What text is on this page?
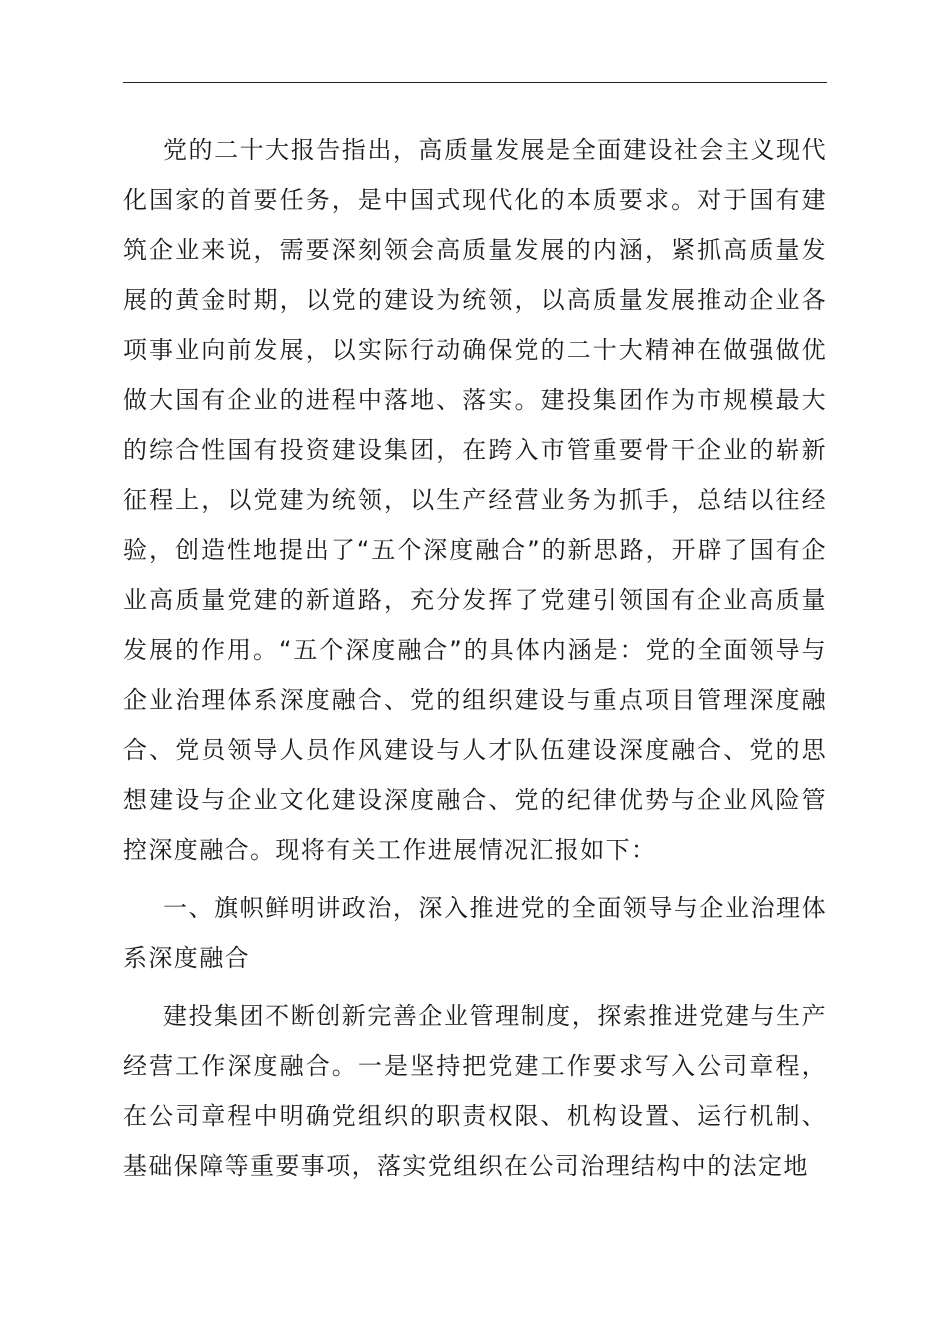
党的二十大报告指出，高质量发展是全面建设社会主义现代化国家的首要任务，是中国式现代化的本质要求。对于国有建筑企业来说，需要深刻领会高质量发展的内涵，紧抓高质量发展的黄金时期，以党的建设为统领，以高质量发展推动企业各项事业向前发展，以实际行动确保党的二十大精神在做强做优做大国有企业的进程中落地、落实。建投集团作为市规模最大的综合性国有投资建设集团，在跨入市管重要骨干企业的崭新征程上，以党建为统领，以生产经营业务为抓手，总结以往经验，创造性地提出了“五个深度融合”的新思路，开辟了国有企业高质量党建的新道路，充分发挥了党建引领国有企业高质量发展的作用。“五个深度融合”的具体内涵是：党的全面领导与企业治理体系深度融合、党的组织建设与重点项目管理深度融合、党员领导人员作风建设与人才队伍建设深度融合、党的思想建设与企业文化建设深度融合、党的纪律优势与企业风险管控深度融合。现将有关工作进展情况汇报如下：

一、旗帜鲜明讲政治，深入推进党的全面领导与企业治理体系深度融合

建投集团不断创新完善企业管理制度，探索推进党建与生产经营工作深度融合。一是坚持把党建工作要求写入公司章程，在公司章程中明确党组织的职责权限、机构设置、运行机制、基础保障等重要事项，落实党组织在公司治理结构中的法定地
